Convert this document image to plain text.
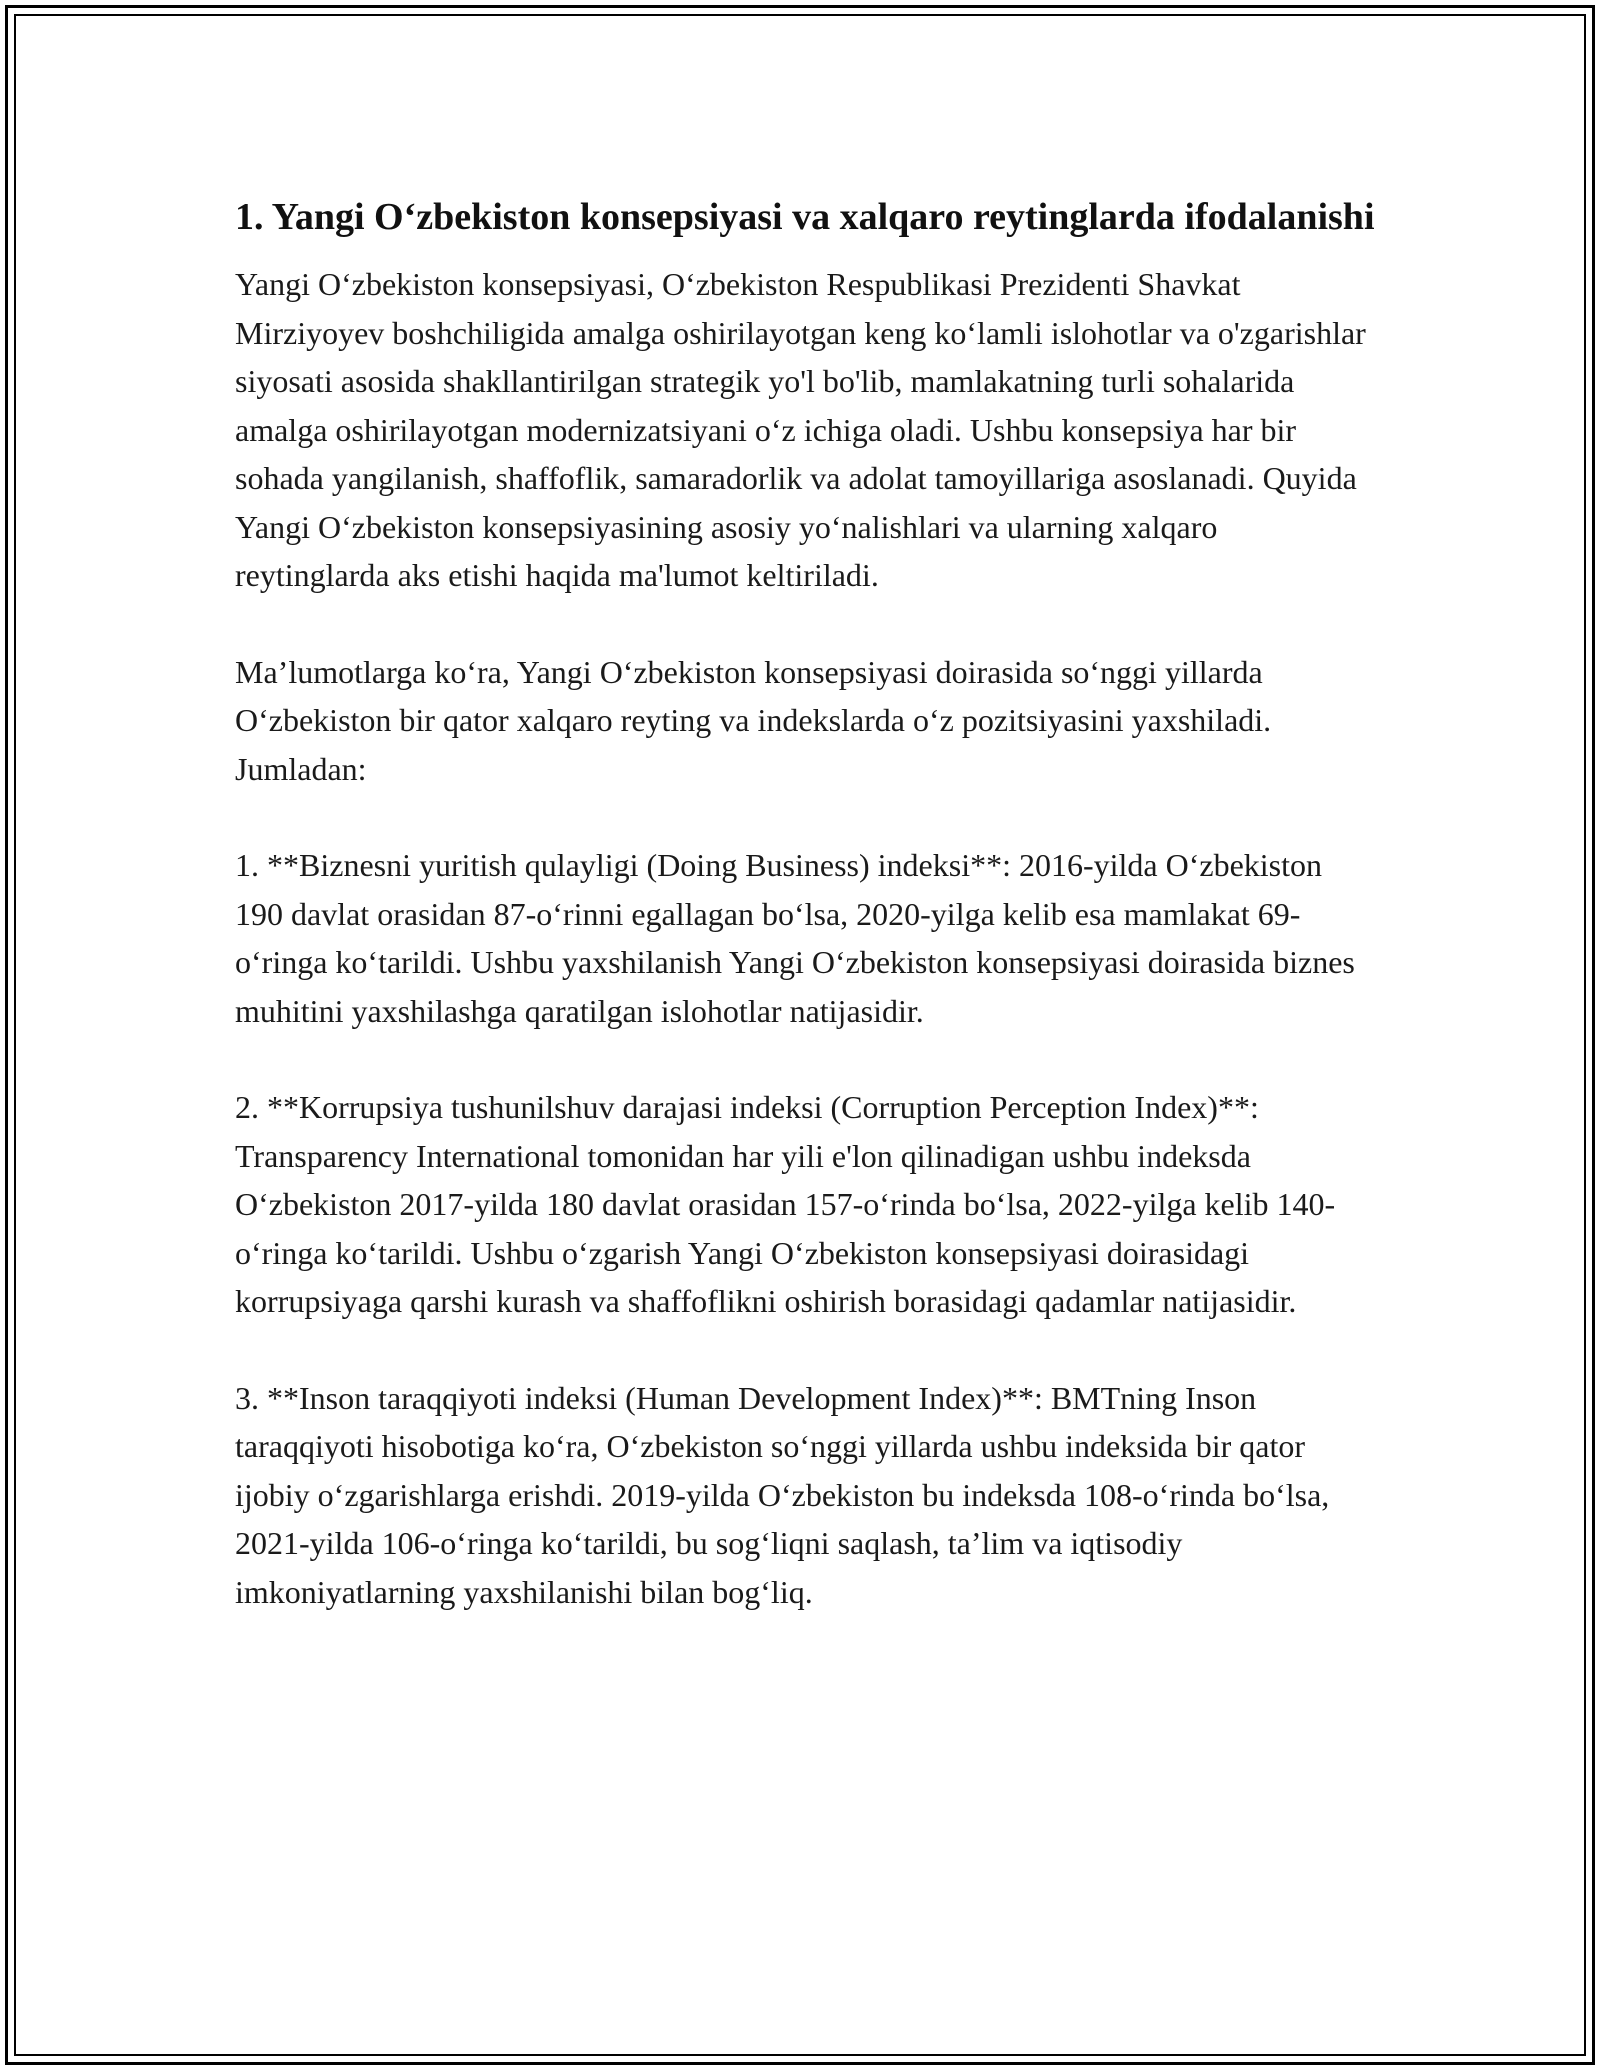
1. Yangi O‘zbekiston konsepsiyasi va xalqaro reytinglarda ifodalanishi

Yangi O‘zbekiston konsepsiyasi, O‘zbekiston Respublikasi Prezidenti Shavkat Mirziyoyev boshchiligida amalga oshirilayotgan keng ko‘lamli islohotlar va o'zgarishlar siyosati asosida shakllantirilgan strategik yo'l bo'lib, mamlakatning turli sohalarida amalga oshirilayotgan modernizatsiyani o‘z ichiga oladi. Ushbu konsepsiya har bir sohada yangilanish, shaffoflik, samaradorlik va adolat tamoyillariga asoslanadi. Quyida Yangi O‘zbekiston konsepsiyasining asosiy yo‘nalishlari va ularning xalqaro reytinglarda aks etishi haqida ma'lumot keltiriladi.

Ma’lumotlarga ko‘ra, Yangi O‘zbekiston konsepsiyasi doirasida so‘nggi yillarda O‘zbekiston bir qator xalqaro reyting va indekslarda o‘z pozitsiyasini yaxshiladi. Jumladan:

1. **Biznesni yuritish qulayligi (Doing Business) indeksi**: 2016-yilda O‘zbekiston 190 davlat orasidan 87-o‘rinni egallagan bo‘lsa, 2020-yilga kelib esa mamlakat 69-o‘ringa ko‘tarildi. Ushbu yaxshilanish Yangi O‘zbekiston konsepsiyasi doirasida biznes muhitini yaxshilashga qaratilgan islohotlar natijasidir.

2. **Korrupsiya tushunilshuv darajasi indeksi (Corruption Perception Index)**: Transparency International tomonidan har yili e'lon qilinadigan ushbu indeksda O‘zbekiston 2017-yilda 180 davlat orasidan 157-o‘rinda bo‘lsa, 2022-yilga kelib 140-o‘ringa ko‘tarildi. Ushbu o‘zgarish Yangi O‘zbekiston konsepsiyasi doirasidagi korrupsiyaga qarshi kurash va shaffoflikni oshirish borasidagi qadamlar natijasidir.

3. **Inson taraqqiyoti indeksi (Human Development Index)**: BMTning Inson taraqqiyoti hisobotiga ko‘ra, O‘zbekiston so‘nggi yillarda ushbu indeksida bir qator ijobiy o‘zgarishlarga erishdi. 2019-yilda O‘zbekiston bu indeksda 108-o‘rinda bo‘lsa, 2021-yilda 106-o‘ringa ko‘tarildi, bu sog‘liqni saqlash, ta’lim va iqtisodiy imkoniyatlarning yaxshilanishi bilan bog‘liq.
